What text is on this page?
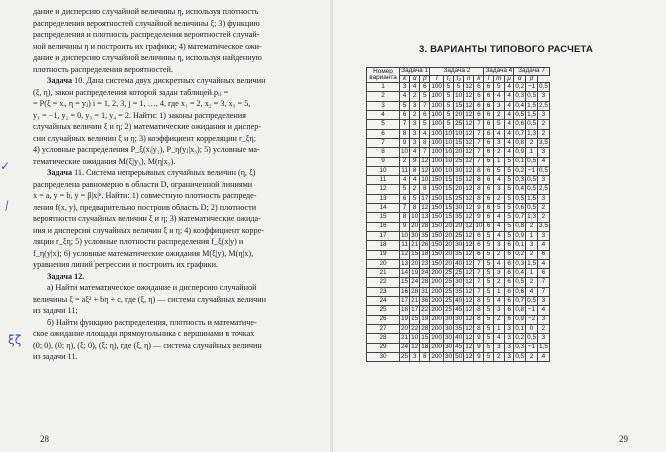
дание и дисперсию случайной величины η, используя плотность
распределения вероятностей случайной величины ξ; 3) функцию
распределения и плотность распределения вероятностей случай-
ной величины η и построить их графики; 4) математическое ожи-
дание и дисперсию случайной величины η, используя найденную
плотность распределения вероятностей.

Задача 10. Дана система двух дискретных случайных величин
(ξ, η), закон распределения которой задан таблицей pᵢⱼ =
= P(ξ = xᵢ, η = yⱼ) i = 1, 2, 3, j = 1, …, 4, где x₁ = 2, x₂ = 3, x₃ = 5,
y₁ = −1, y₂ = 0, y₃ = 1, y₄ = 2. Найти: 1) законы распределения
случайных величин ξ и η; 2) математические ожидания и диспер-
сии случайных величин ξ и η; 3) коэффициент корреляции r_ξη;
4) условные распределения P_ξ(xᵢ|y₂), P_η(yⱼ|x₃); 5) условные ма-
тематические ожидания M(ξ|y₃), M(η|x₁).

Задача 11. Система непрерывных случайных величин (η, ξ)
распределена равномерно в области D, ограниченной линиями
x = a, y = b, y = β|x|ⁿ. Найти: 1) совместную плотность распреде-
ления f(x, y), предварительно построив область D; 2) плотности
вероятности случайных величин ξ и η; 3) математические ожида-
ния и дисперсии случайных величин ξ и η; 4) коэффициент корре-
ляции r_ξη; 5) условные плотности распределения f_ξ(x|y) и
f_η(y|x); 6) условные математические ожидания M(ξ|y), M(η|x),
уравнения линий регрессии и построить их графики.

Задача 12.

а) Найти математическое ожидание и дисперсию случайной
величины ξ = aξ² + bη + c, где (ξ, η) — система случайных величин
из задачи 11;

б) Найти функцию распределения, плотность и математиче-
ское ожидание площади прямоугольника с вершинами в точках
(0; 0), (0; η), (ξ; 0), (ξ; η), где (ξ, η) — система случайных величин
из задачи 11.

✓
⁄
ξζ
28
3. ВАРИАНТЫ ТИПОВОГО РАСЧЕТА
Номер варианта	Задача 1			Задача 2					Задача 4			Задача 7		
	k	α	β	T	τ₁	τ₂	n	k	l	m	μ	α	β	
1	3	4	6	100	5	5	12	6	6	5	4	0,2	−1	0,5
2	4	2	5	100	5	10	12	6	6	4	4	0,3	0,5	3
3	5	3	7	100	5	15	12	6	6	3	4	0,4	1,5	2,5
4	6	2	6	100	5	20	12	6	6	2	4	0,5	1,5	3
5	7	3	5	100	5	25	12	7	6	5	4	0,6	0,5	2
6	8	3	4	100	10	10	12	7	6	4	4	0,7	1,3	2
7	9	3	8	100	10	15	12	7	6	3	4	0,8	2	3,5
8	10	4	7	100	10	20	12	7	6	2	4	0,9	1	3
9	2	9	12	100	10	25	12	7	6	1	5	0,1	0,5	4
10	11	8	12	100	10	30	12	8	6	5	5	0,2	−1	0,5
11	4	4	10	150	15	15	12	8	6	4	5	0,3	0,5	3
12	5	2	8	150	15	20	12	8	6	3	5	0,4	0,5	2,5
13	6	5	17	150	15	25	12	8	6	2	5	0,5	1,5	3
14	7	8	12	150	15	30	12	9	6	5	5	0,6	0,5	2
15	8	10	13	150	15	35	12	9	6	4	5	0,7	1,3	2
16	9	20	28	150	20	20	12	10	6	4	5	0,8	2	3,5
17	10	30	35	150	20	25	12	6	5	4	5	0,9	1	3
18	11	21	26	150	20	30	12	6	5	3	6	0,1	3	4
19	12	15	18	150	20	35	12	6	5	2	6	0,2	2	6
20	13	20	23	150	20	40	12	7	5	4	6	0,3	1,5	4
21	14	19	24	200	25	25	12	7	5	3	6	0,4	1	6
22	15	24	28	200	25	30	12	7	5	2	6	0,5	2	7
23	16	28	31	200	25	35	12	7	5	1	6	0,6	4	7
24	17	21	36	200	25	40	12	8	5	4	6	0,7	0,5	3
25	18	17	22	200	25	45	12	8	5	3	6	0,8	−1	4
26	19	15	19	200	30	30	12	8	5	2	6	0,9	−2	3
27	20	22	28	200	30	35	12	8	5	1	3	0,1	0	2
28	21	10	15	200	30	40	12	9	5	4	3	0,2	0,5	3
29	24	12	18	200	30	45	12	9	5	3	3	0,3	−1	1,5
30	25	3	8	200	30	50	12	9	5	2	3	0,5	2	4
29
